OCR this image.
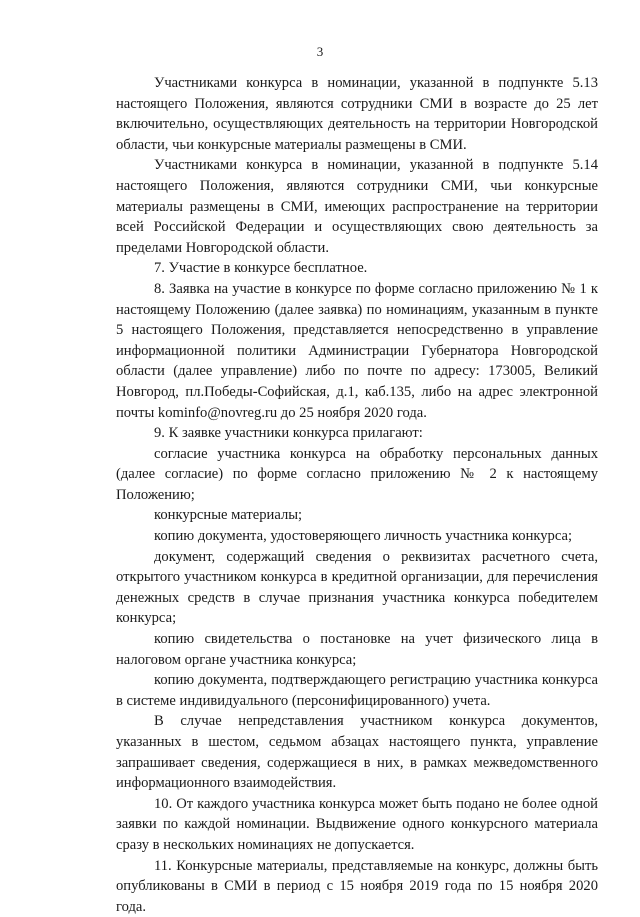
3

Участниками конкурса в номинации, указанной в подпункте 5.13 настоящего Положения, являются сотрудники СМИ в возрасте до 25 лет включительно, осуществляющих деятельность на территории Новгородской области, чьи конкурсные материалы размещены в СМИ.

Участниками конкурса в номинации, указанной в подпункте 5.14 настоящего Положения, являются сотрудники СМИ, чьи конкурсные материалы размещены в СМИ, имеющих распространение на территории всей Российской Федерации и осуществляющих свою деятельность за пределами Новгородской области.

7. Участие в конкурсе бесплатное.

8. Заявка на участие в конкурсе по форме согласно приложению № 1 к настоящему Положению (далее заявка) по номинациям, указанным в пункте 5 настоящего Положения, представляется непосредственно в управление информационной политики Администрации Губернатора Новгородской области (далее управление) либо по почте по адресу: 173005, Великий Новгород, пл.Победы-Софийская, д.1, каб.135, либо на адрес электронной почты kominfo@novreg.ru до 25 ноября 2020 года.

9. К заявке участники конкурса прилагают:

согласие участника конкурса на обработку персональных данных (далее согласие) по форме согласно приложению № 2 к настоящему Положению;

конкурсные материалы;

копию документа, удостоверяющего личность участника конкурса;

документ, содержащий сведения о реквизитах расчетного счета, открытого участником конкурса в кредитной организации, для перечисления денежных средств в случае признания участника конкурса победителем конкурса;

копию свидетельства о постановке на учет физического лица в налоговом органе участника конкурса;

копию документа, подтверждающего регистрацию участника конкурса в системе индивидуального (персонифицированного) учета.

В случае непредставления участником конкурса документов, указанных в шестом, седьмом абзацах настоящего пункта, управление запрашивает сведения, содержащиеся в них, в рамках межведомственного информационного взаимодействия.

10. От каждого участника конкурса может быть подано не более одной заявки по каждой номинации. Выдвижение одного конкурсного материала сразу в нескольких номинациях не допускается.

11. Конкурсные материалы, представляемые на конкурс, должны быть опубликованы в СМИ в период с 15 ноября 2019 года по 15 ноября 2020 года.
